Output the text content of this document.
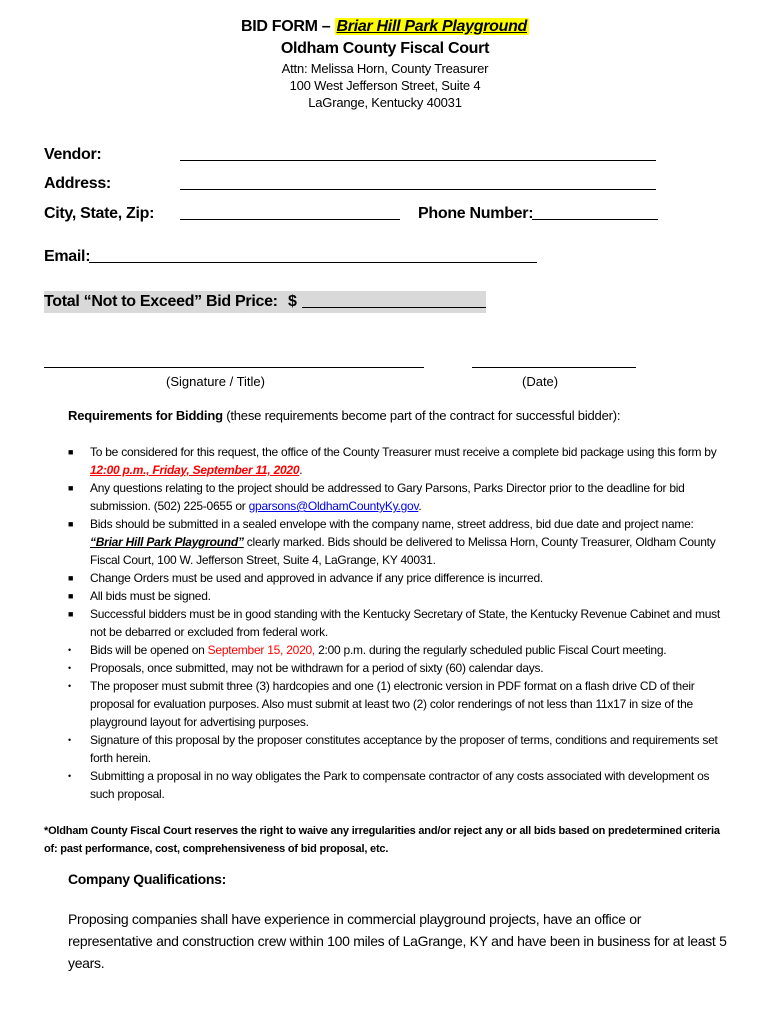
BID FORM – Briar Hill Park Playground
Oldham County Fiscal Court
Attn: Melissa Horn, County Treasurer
100 West Jefferson Street, Suite 4
LaGrange, Kentucky 40031
Vendor:
Address:
City, State, Zip:	Phone Number:
Email:
Total “Not to Exceed” Bid Price: $
(Signature / Title)	(Date)
Requirements for Bidding (these requirements become part of the contract for successful bidder):
■	To be considered for this request, the office of the County Treasurer must receive a complete bid package using this form by 12:00 p.m., Friday, September 11, 2020.
■	Any questions relating to the project should be addressed to Gary Parsons, Parks Director prior to the deadline for bid submission. (502) 225-0655 or gparsons@OldhamCountyKy.gov.
■	Bids should be submitted in a sealed envelope with the company name, street address, bid due date and project name: “Briar Hill Park Playground” clearly marked. Bids should be delivered to Melissa Horn, County Treasurer, Oldham County Fiscal Court, 100 W. Jefferson Street, Suite 4, LaGrange, KY 40031.
■	Change Orders must be used and approved in advance if any price difference is incurred.
■	All bids must be signed.
■	Successful bidders must be in good standing with the Kentucky Secretary of State, the Kentucky Revenue Cabinet and must not be debarred or excluded from federal work.
•	Bids will be opened on September 15, 2020, 2:00 p.m. during the regularly scheduled public Fiscal Court meeting.
•	Proposals, once submitted, may not be withdrawn for a period of sixty (60) calendar days.
•	The proposer must submit three (3) hardcopies and one (1) electronic version in PDF format on a flash drive CD of their proposal for evaluation purposes. Also must submit at least two (2) color renderings of not less than 11x17 in size of the playground layout for advertising purposes.
•	Signature of this proposal by the proposer constitutes acceptance by the proposer of terms, conditions and requirements set forth herein.
•	Submitting a proposal in no way obligates the Park to compensate contractor of any costs associated with development os such proposal.
*Oldham County Fiscal Court reserves the right to waive any irregularities and/or reject any or all bids based on predetermined criteria of: past performance, cost, comprehensiveness of bid proposal, etc.
Company Qualifications:
Proposing companies shall have experience in commercial playground projects, have an office or representative and construction crew within 100 miles of LaGrange, KY and have been in business for at least 5 years.
